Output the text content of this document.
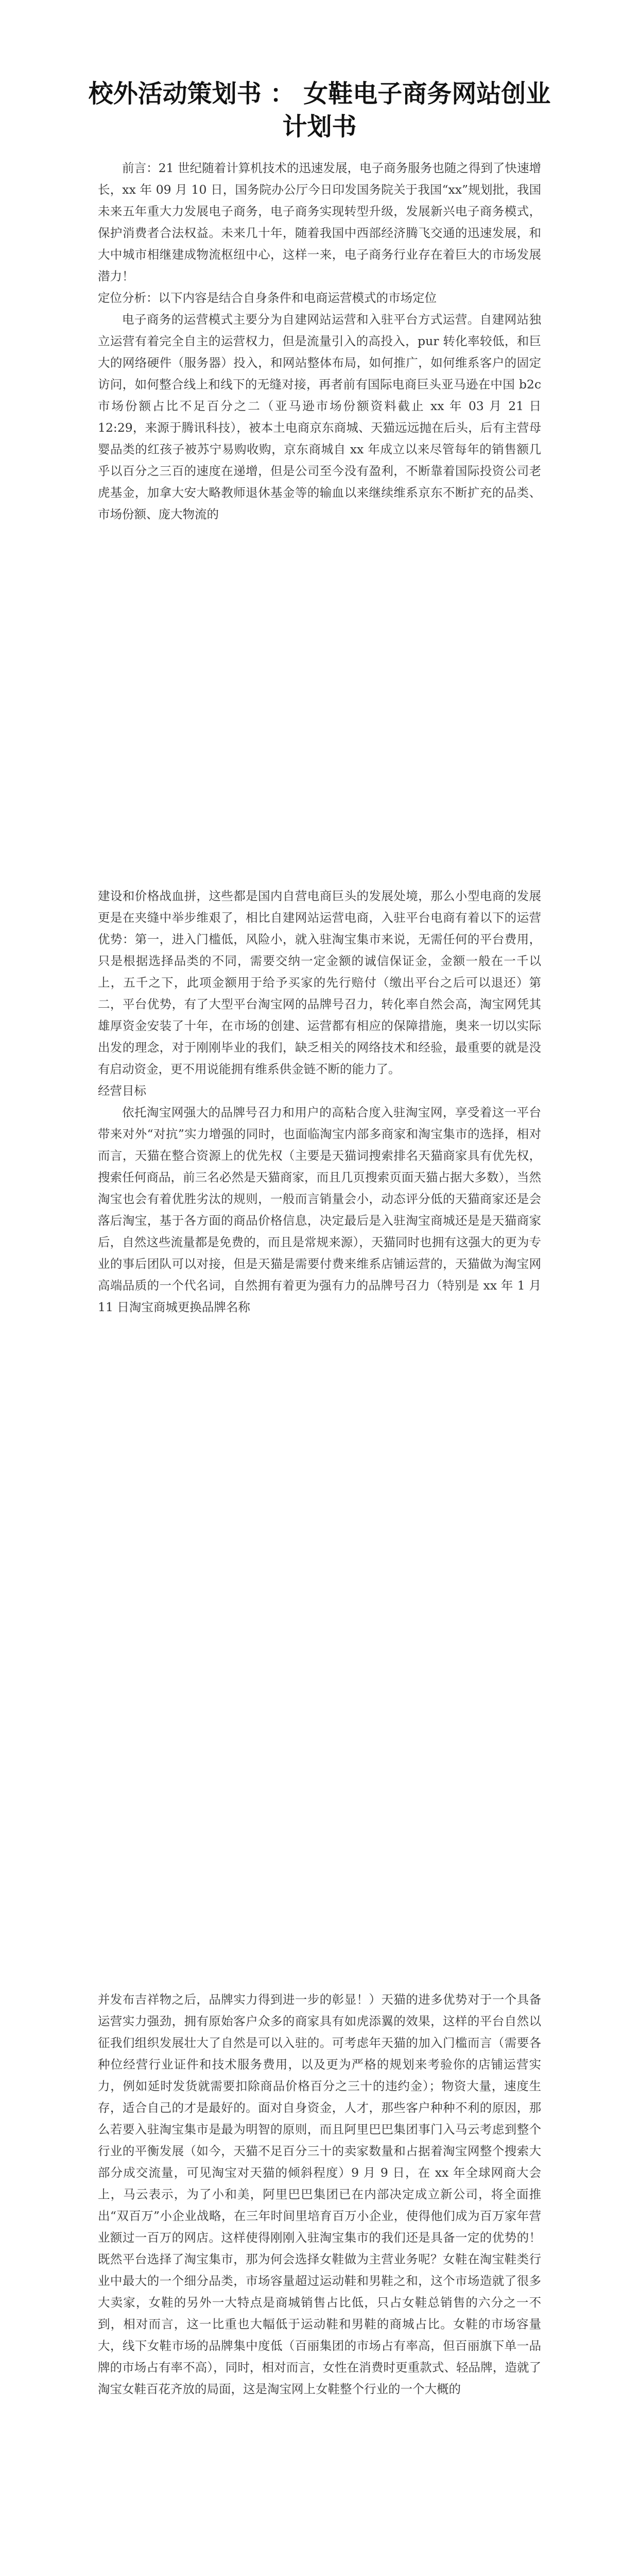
校外活动策划书 ： 女鞋电子商务网站创业计划书

前言：21 世纪随着计算机技术的迅速发展，电子商务服务也随之得到了快速增长，xx 年 09 月 10 日，国务院办公厅今日印发国务院关于我国“xx”规划批，我国未来五年重大力发展电子商务，电子商务实现转型升级，发展新兴电子商务模式，保护消费者合法权益。未来几十年，随着我国中西部经济腾飞交通的迅速发展，和大中城市相继建成物流枢纽中心，这样一来，电子商务行业存在着巨大的市场发展潜力！

定位分析：以下内容是结合自身条件和电商运营模式的市场定位

电子商务的运营模式主要分为自建网站运营和入驻平台方式运营。自建网站独立运营有着完全自主的运营权力，但是流量引入的高投入，pur 转化率较低，和巨大的网络硬件（服务器）投入，和网站整体布局，如何推广，如何维系客户的固定访问，如何整合线上和线下的无缝对接，再者前有国际电商巨头亚马逊在中国 b2c 市场份额占比不足百分之二（亚马逊市场份额资料截止 xx 年 03 月 21 日 12:29，来源于腾讯科技），被本土电商京东商城、天猫远远抛在后头，后有主营母婴品类的红孩子被苏宁易购收购，京东商城自 xx 年成立以来尽管每年的销售额几乎以百分之三百的速度在递增，但是公司至今没有盈利，不断靠着国际投资公司老虎基金，加拿大安大略教师退休基金等的输血以来继续维系京东不断扩充的品类、市场份额、庞大物流的

建设和价格战血拼，这些都是国内自营电商巨头的发展处境，那么小型电商的发展更是在夹缝中举步维艰了，相比自建网站运营电商，入驻平台电商有着以下的运营优势：第一，进入门槛低，风险小，就入驻淘宝集市来说，无需任何的平台费用，只是根据选择品类的不同，需要交纳一定金额的诚信保证金，金额一般在一千以上，五千之下，此项金额用于给予买家的先行赔付（缴出平台之后可以退还）第二，平台优势，有了大型平台淘宝网的品牌号召力，转化率自然会高，淘宝网凭其雄厚资金安装了十年，在市场的创建、运营都有相应的保障措施，奥来一切以实际出发的理念，对于刚刚毕业的我们，缺乏相关的网络技术和经验，最重要的就是没有启动资金，更不用说能拥有维系供金链不断的能力了。

经营目标

依托淘宝网强大的品牌号召力和用户的高粘合度入驻淘宝网，享受着这一平台带来对外“对抗”实力增强的同时，也面临淘宝内部多商家和淘宝集市的选择，相对而言，天猫在整合资源上的优先权（主要是天猫词搜索排名天猫商家具有优先权，搜索任何商品，前三名必然是天猫商家，而且几页搜索页面天猫占据大多数），当然淘宝也会有着优胜劣汰的规则，一般而言销量会小，动态评分低的天猫商家还是会落后淘宝，基于各方面的商品价格信息，决定最后是入驻淘宝商城还是是天猫商家后，自然这些流量都是免费的，而且是常规来源），天猫同时也拥有这强大的更为专业的事后团队可以对接，但是天猫是需要付费来维系店铺运营的，天猫做为淘宝网高端品质的一个代名词，自然拥有着更为强有力的品牌号召力（特别是 xx 年 1 月 11 日淘宝商城更换品牌名称

并发布吉祥物之后，品牌实力得到进一步的彰显！）天猫的进多优势对于一个具备运营实力强劲，拥有原始客户众多的商家具有如虎添翼的效果，这样的平台自然以征我们组织发展壮大了自然是可以入驻的。可考虑年天猫的加入门槛而言（需要各种位经营行业证件和技术服务费用，以及更为严格的规划来考验你的店铺运营实力，例如延时发货就需要扣除商品价格百分之三十的违约金）；物资大量，速度生存，适合自己的才是最好的。面对自身资金，人才，那些客户种种不利的原因，那么若要入驻淘宝集市是最为明智的原则，而且阿里巴巴集团事门入马云考虑到整个行业的平衡发展（如今，天猫不足百分三十的卖家数量和占据着淘宝网整个搜索大部分成交流量，可见淘宝对天猫的倾斜程度）9 月 9 日，在 xx 年全球网商大会上，马云表示，为了小和美，阿里巴巴集团已在内部决定成立新公司，将全面推出“双百万”小企业战略，在三年时间里培育百万小企业，使得他们成为百万家年营业额过一百万的网店。这样使得刚刚入驻淘宝集市的我们还是具备一定的优势的！既然平台选择了淘宝集市，那为何会选择女鞋做为主营业务呢？女鞋在淘宝鞋类行业中最大的一个细分品类，市场容量超过运动鞋和男鞋之和，这个市场造就了很多大卖家，女鞋的另外一大特点是商城销售占比低，只占女鞋总销售的六分之一不到，相对而言，这一比重也大幅低于运动鞋和男鞋的商城占比。女鞋的市场容量大，线下女鞋市场的品牌集中度低（百丽集团的市场占有率高，但百丽旗下单一品牌的市场占有率不高），同时，相对而言，女性在消费时更重款式、轻品牌，造就了淘宝女鞋百花齐放的局面，这是淘宝网上女鞋整个行业的一个大概的
